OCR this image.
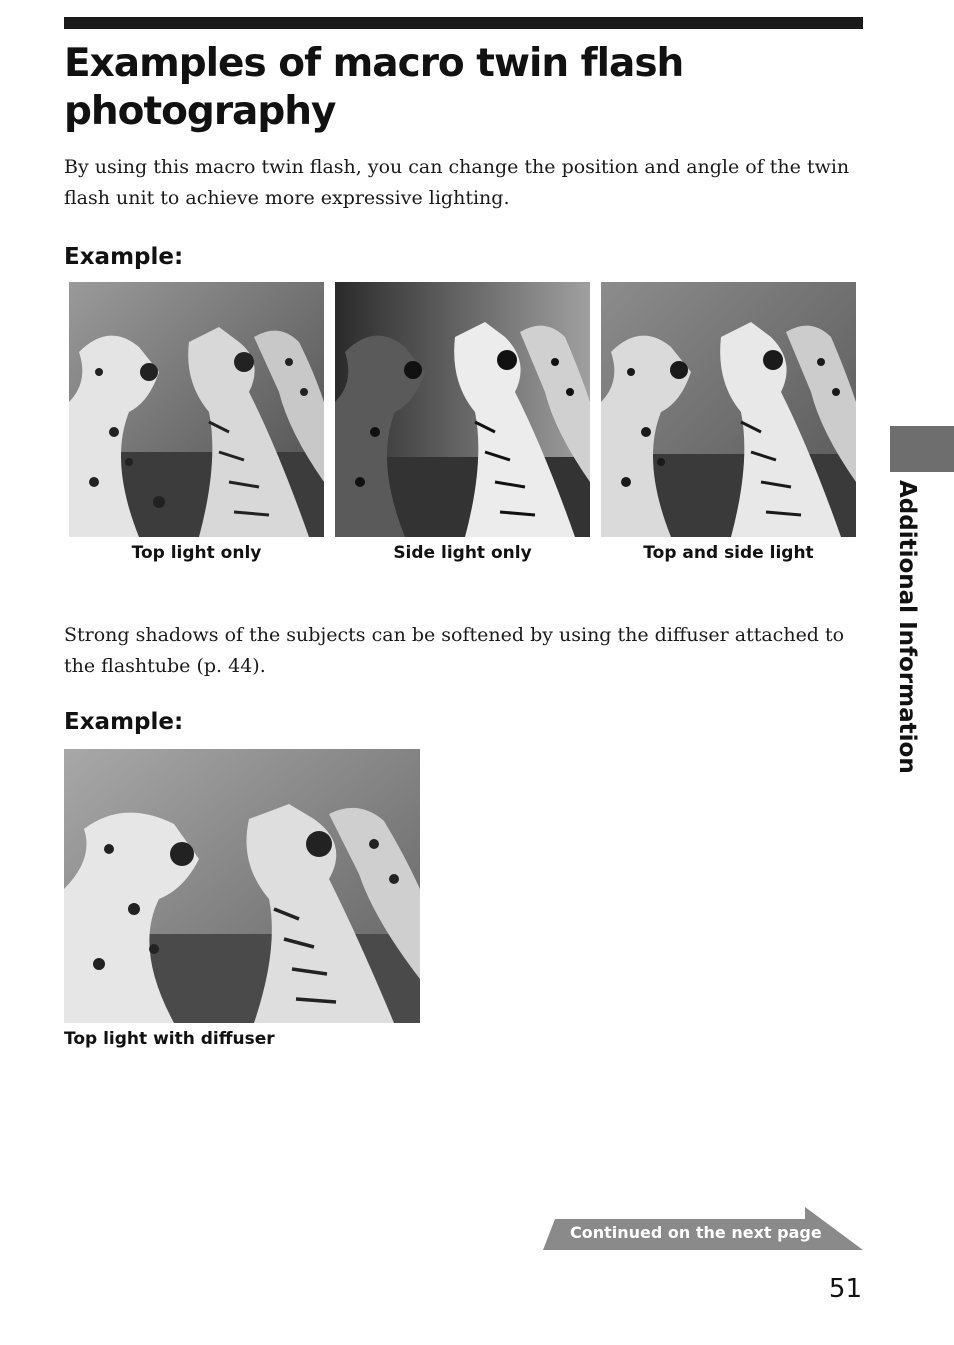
Examples of macro twin flash photography

By using this macro twin flash, you can change the position and angle of the twin flash unit to achieve more expressive lighting.

Example:

Top light only	Side light only	Top and side light

Strong shadows of the subjects can be softened by using the diffuser attached to the flashtube (p. 44).

Example:

Top light with diffuser

Additional Information
Continued on the next page
51
